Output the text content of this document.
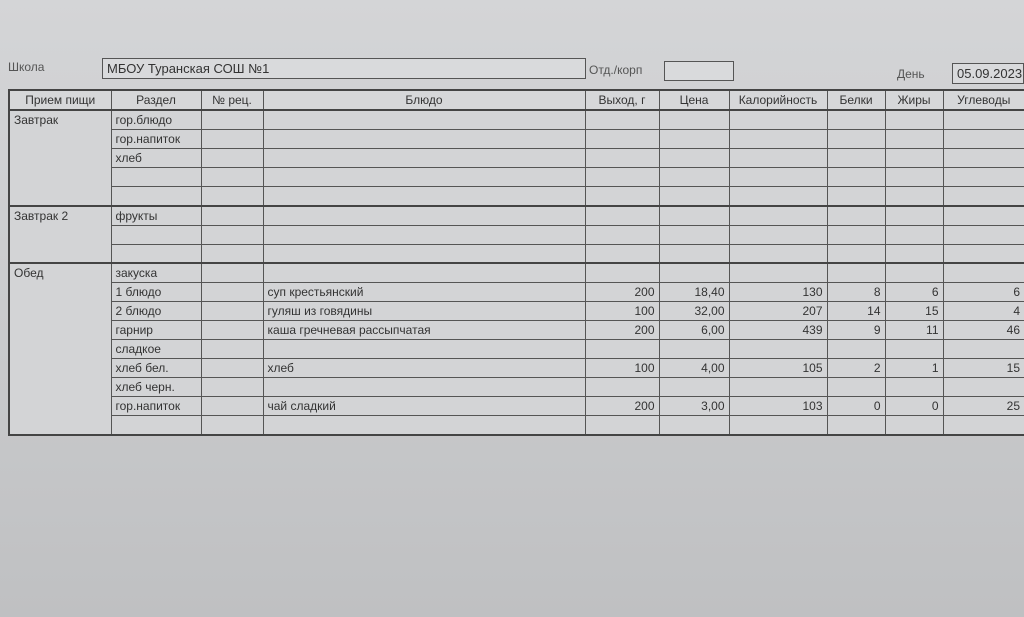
Школа	МБОУ Туранская СОШ №1	Отд./корп	День	05.09.2023
Прием пищи	Раздел	№ рец.	Блюдо	Выход, г	Цена	Калорийность	Белки	Жиры	Углеводы
Завтрак	гор.блюдо								
	гор.напиток								
	хлеб								

Завтрак 2	фрукты								

Обед	закуска								
	1 блюдо		суп крестьянский	200	18,40	130	8	6	6
	2 блюдо		гуляш из говядины	100	32,00	207	14	15	4
	гарнир		каша гречневая рассыпчатая	200	6,00	439	9	11	46
	сладкое								
	хлеб бел.		хлеб	100	4,00	105	2	1	15
	хлеб черн.								
	гор.напиток		чай сладкий	200	3,00	103	0	0	25
